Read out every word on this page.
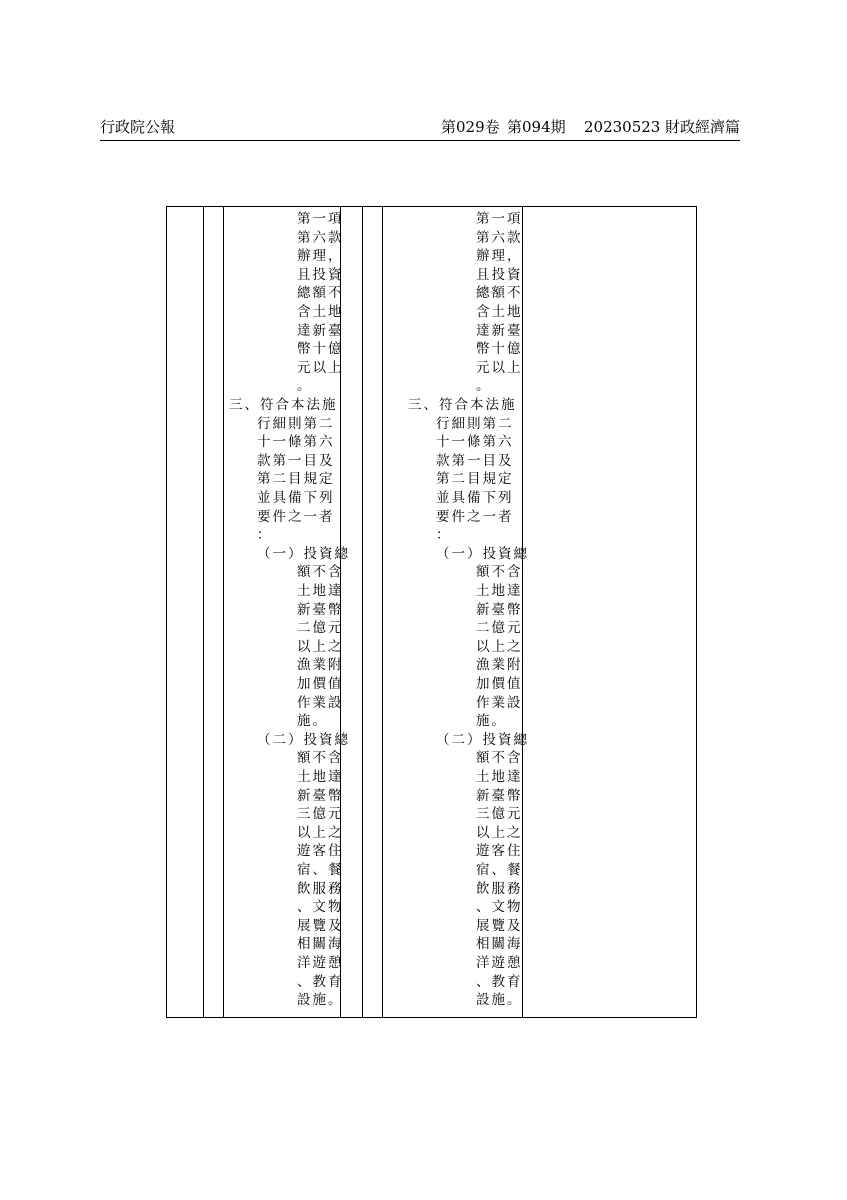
行政院公報	第029卷 第094期 20230523 財政經濟篇
第一項
第六款
辦理，
且投資
總額不
含土地
達新臺
幣十億
元以上
。
三、符合本法施
行細則第二
十一條第六
款第一目及
第二目規定
並具備下列
要件之一者
：
（一）投資總
額不含
土地達
新臺幣
二億元
以上之
漁業附
加價值
作業設
施。
（二）投資總
額不含
土地達
新臺幣
三億元
以上之
遊客住
宿、餐
飲服務
、文物
展覽及
相關海
洋遊憩
、教育
設施。
第一項
第六款
辦理，
且投資
總額不
含土地
達新臺
幣十億
元以上
。
三、符合本法施
行細則第二
十一條第六
款第一目及
第二目規定
並具備下列
要件之一者
：
（一）投資總
額不含
土地達
新臺幣
二億元
以上之
漁業附
加價值
作業設
施。
（二）投資總
額不含
土地達
新臺幣
三億元
以上之
遊客住
宿、餐
飲服務
、文物
展覽及
相關海
洋遊憩
、教育
設施。
